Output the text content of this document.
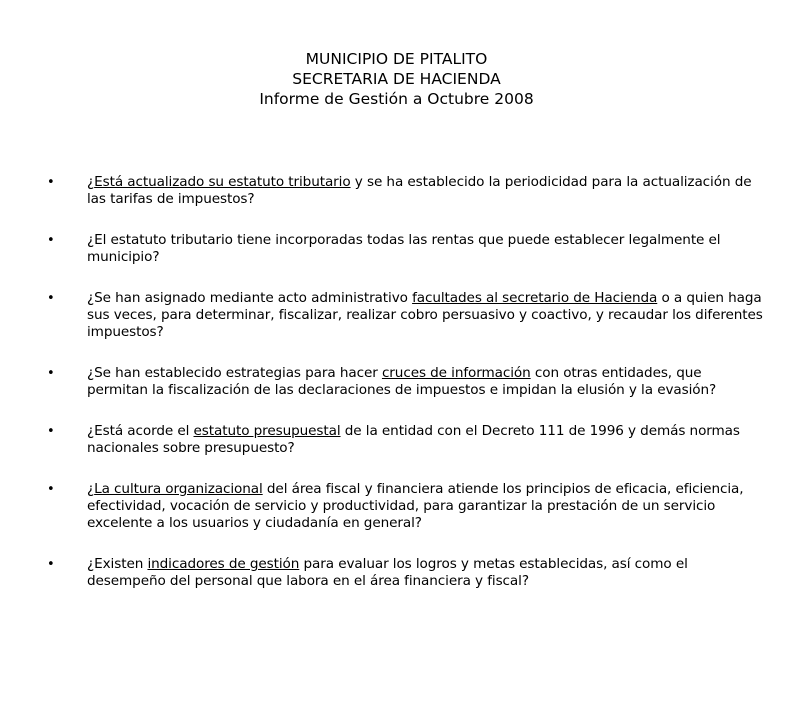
MUNICIPIO DE PITALITO
SECRETARIA DE HACIENDA
Informe de Gestión a Octubre 2008
• ¿Está actualizado su estatuto tributario y se ha establecido la periodicidad para la actualización de las tarifas de impuestos?
• ¿El estatuto tributario tiene incorporadas todas las rentas que puede establecer legalmente el municipio?
• ¿Se han asignado mediante acto administrativo facultades al secretario de Hacienda o a quien haga sus veces, para determinar, fiscalizar, realizar cobro persuasivo y coactivo, y recaudar los diferentes impuestos?
• ¿Se han establecido estrategias para hacer cruces de información con otras entidades, que permitan la fiscalización de las declaraciones de impuestos e impidan la elusión y la evasión?
• ¿Está acorde el estatuto presupuestal de la entidad con el Decreto 111 de 1996 y demás normas nacionales sobre presupuesto?
• ¿La cultura organizacional del área fiscal y financiera atiende los principios de eficacia, eficiencia, efectividad, vocación de servicio y productividad, para garantizar la prestación de un servicio excelente a los usuarios y ciudadanía en general?
• ¿Existen indicadores de gestión para evaluar los logros y metas establecidas, así como el desempeño del personal que labora en el área financiera y fiscal?
